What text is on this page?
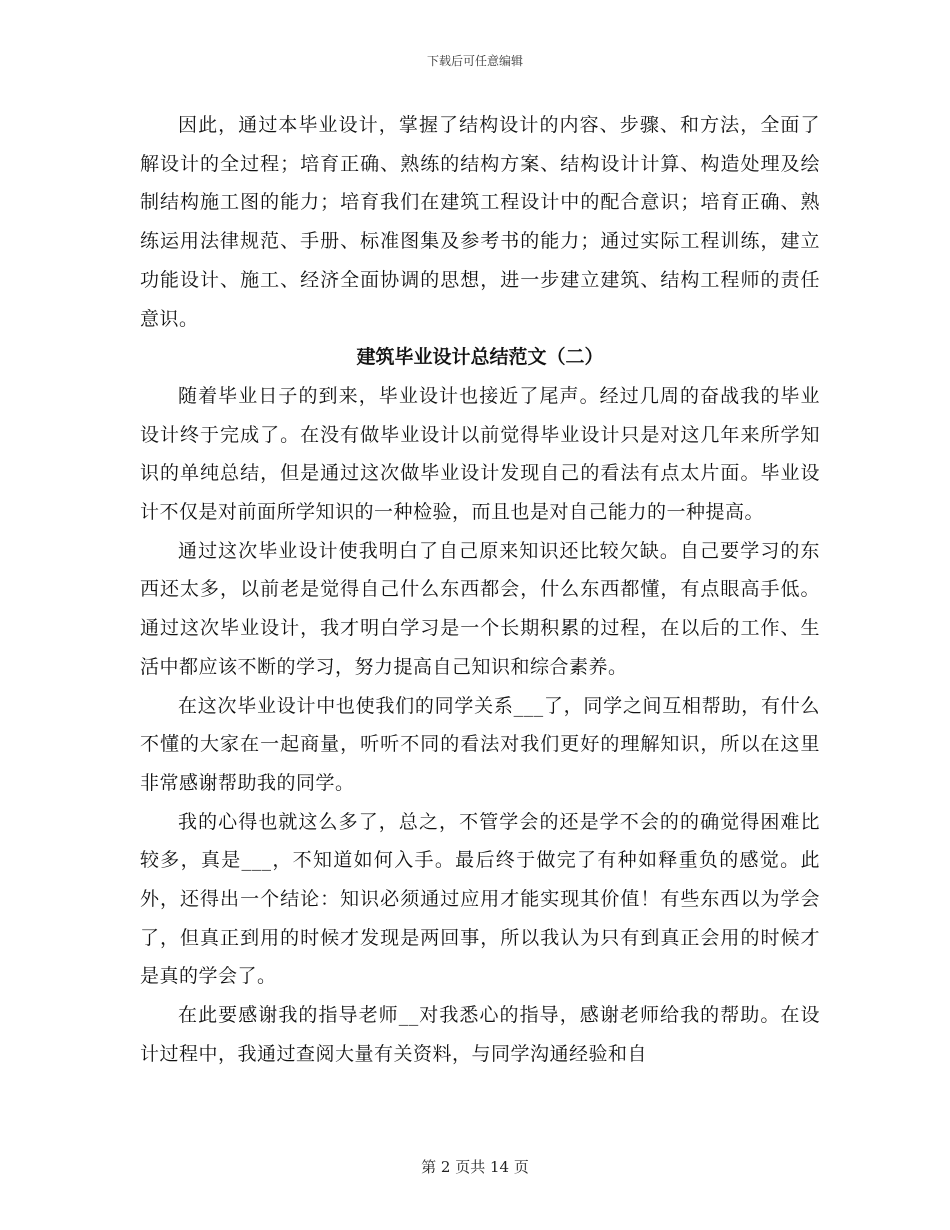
下载后可任意编辑

因此，通过本毕业设计，掌握了结构设计的内容、步骤、和方法，全面了解设计的全过程；培育正确、熟练的结构方案、结构设计计算、构造处理及绘制结构施工图的能力；培育我们在建筑工程设计中的配合意识；培育正确、熟练运用法律规范、手册、标准图集及参考书的能力；通过实际工程训练，建立功能设计、施工、经济全面协调的思想，进一步建立建筑、结构工程师的责任意识。

建筑毕业设计总结范文（二）

随着毕业日子的到来，毕业设计也接近了尾声。经过几周的奋战我的毕业设计终于完成了。在没有做毕业设计以前觉得毕业设计只是对这几年来所学知识的单纯总结，但是通过这次做毕业设计发现自己的看法有点太片面。毕业设计不仅是对前面所学知识的一种检验，而且也是对自己能力的一种提高。

通过这次毕业设计使我明白了自己原来知识还比较欠缺。自己要学习的东西还太多，以前老是觉得自己什么东西都会，什么东西都懂，有点眼高手低。通过这次毕业设计，我才明白学习是一个长期积累的过程，在以后的工作、生活中都应该不断的学习，努力提高自己知识和综合素养。

在这次毕业设计中也使我们的同学关系___了，同学之间互相帮助，有什么不懂的大家在一起商量，听听不同的看法对我们更好的理解知识，所以在这里非常感谢帮助我的同学。

我的心得也就这么多了，总之，不管学会的还是学不会的的确觉得困难比较多，真是___，不知道如何入手。最后终于做完了有种如释重负的感觉。此外，还得出一个结论：知识必须通过应用才能实现其价值！有些东西以为学会了，但真正到用的时候才发现是两回事，所以我认为只有到真正会用的时候才是真的学会了。

在此要感谢我的指导老师__对我悉心的指导，感谢老师给我的帮助。在设计过程中，我通过查阅大量有关资料，与同学沟通经验和自

第 2 页共 14 页
